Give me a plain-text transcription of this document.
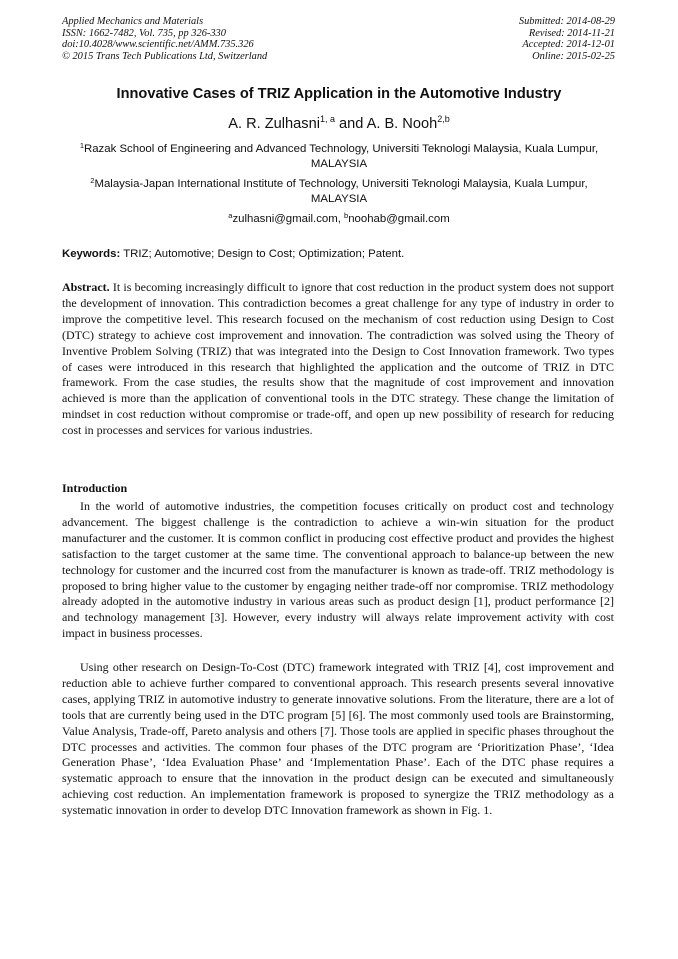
Applied Mechanics and Materials
ISSN: 1662-7482, Vol. 735, pp 326-330
doi:10.4028/www.scientific.net/AMM.735.326
© 2015 Trans Tech Publications Ltd, Switzerland
Submitted: 2014-08-29
Revised: 2014-11-21
Accepted: 2014-12-01
Online: 2015-02-25
Innovative Cases of TRIZ Application in the Automotive Industry
A. R. Zulhasni$^{1, a}$ and A. B. Nooh$^{2,b}$
$^1$Razak School of Engineering and Advanced Technology, Universiti Teknologi Malaysia, Kuala Lumpur, MALAYSIA
$^2$Malaysia-Japan International Institute of Technology, Universiti Teknologi Malaysia, Kuala Lumpur, MALAYSIA
$^a$zulhasni@gmail.com, $^b$noohab@gmail.com
Keywords: TRIZ; Automotive; Design to Cost; Optimization; Patent.

Abstract. It is becoming increasingly difficult to ignore that cost reduction in the product system does not support the development of innovation. This contradiction becomes a great challenge for any type of industry in order to improve the competitive level. This research focused on the mechanism of cost reduction using Design to Cost (DTC) strategy to achieve cost improvement and innovation. The contradiction was solved using the Theory of Inventive Problem Solving (TRIZ) that was integrated into the Design to Cost Innovation framework. Two types of cases were introduced in this research that highlighted the application and the outcome of TRIZ in DTC framework. From the case studies, the results show that the magnitude of cost improvement and innovation achieved is more than the application of conventional tools in the DTC strategy. These change the limitation of mindset in cost reduction without compromise or trade-off, and open up new possibility of research for reducing cost in processes and services for various industries.

Introduction

In the world of automotive industries, the competition focuses critically on product cost and technology advancement. The biggest challenge is the contradiction to achieve a win-win situation for the product manufacturer and the customer. It is common conflict in producing cost effective product and provides the highest satisfaction to the target customer at the same time. The conventional approach to balance-up between the new technology for customer and the incurred cost from the manufacturer is known as trade-off. TRIZ methodology is proposed to bring higher value to the customer by engaging neither trade-off nor compromise. TRIZ methodology already adopted in the automotive industry in various areas such as product design [1], product performance [2] and technology management [3]. However, every industry will always relate improvement activity with cost impact in business processes.

Using other research on Design-To-Cost (DTC) framework integrated with TRIZ [4], cost improvement and reduction able to achieve further compared to conventional approach. This research presents several innovative cases, applying TRIZ in automotive industry to generate innovative solutions. From the literature, there are a lot of tools that are currently being used in the DTC program [5] [6]. The most commonly used tools are Brainstorming, Value Analysis, Trade-off, Pareto analysis and others [7]. Those tools are applied in specific phases throughout the DTC processes and activities. The common four phases of the DTC program are ‘Prioritization Phase’, ‘Idea Generation Phase’, ‘Idea Evaluation Phase’ and ‘Implementation Phase’. Each of the DTC phase requires a systematic approach to ensure that the innovation in the product design can be executed and simultaneously achieving cost reduction. An implementation framework is proposed to synergize the TRIZ methodology as a systematic innovation in order to develop DTC Innovation framework as shown in Fig. 1.
